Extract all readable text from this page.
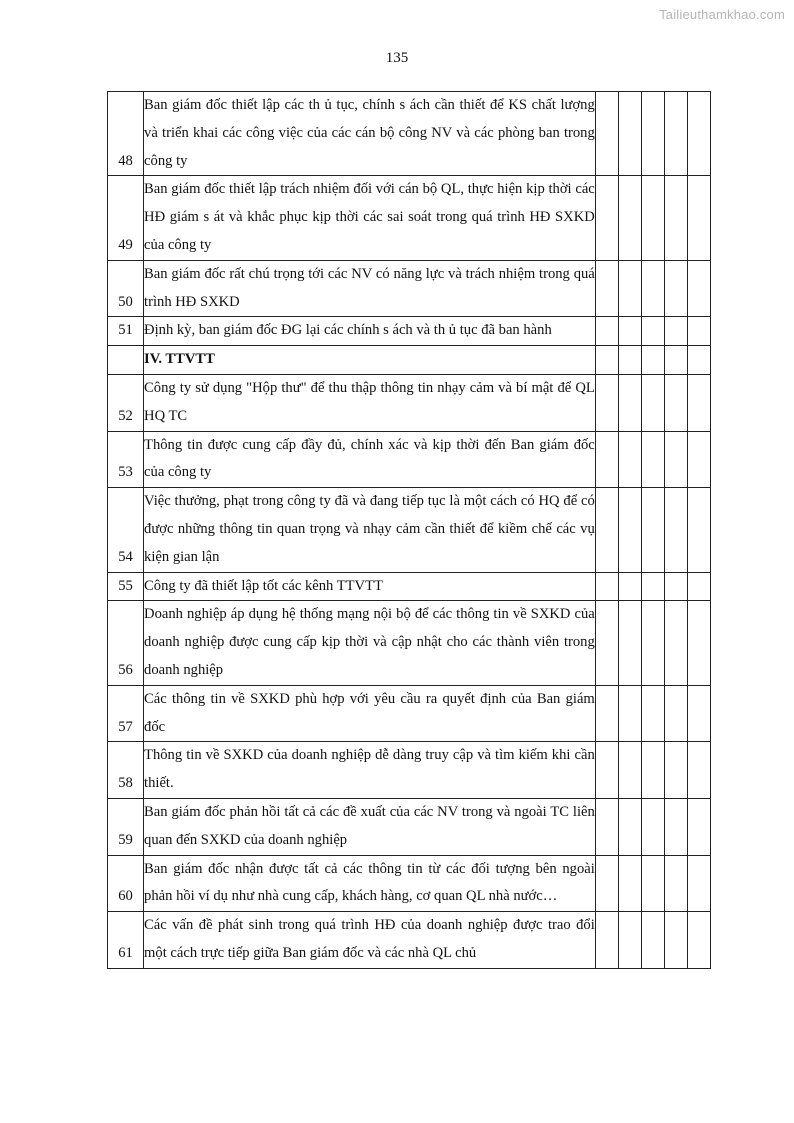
Tailieuthamkhao.com
135
48	Ban giám đốc thiết lập các th ủ tục, chính s ách cần thiết để KS chất lượng và triển khai các công việc của các cán bộ công NV và các phòng ban trong công ty					
49	Ban giám đốc thiết lập trách nhiệm đối với cán bộ QL, thực hiện kịp thời các HĐ giám s át và khắc phục kịp thời các sai soát trong quá trình HĐ SXKD của công ty					
50	Ban giám đốc rất chú trọng tới các NV có năng lực và trách nhiệm trong quá trình HĐ SXKD					
51	Định kỳ, ban giám đốc ĐG lại các chính s ách và th ủ tục đã ban hành					
	IV. TTVTT					
52	Công ty sử dụng "Hộp thư" để thu thập thông tin nhạy cảm và bí mật để QL HQ TC					
53	Thông tin được cung cấp đầy đủ, chính xác và kịp thời đến Ban giám đốc của công ty					
54	Việc thưởng, phạt trong công ty đã và đang tiếp tục là một cách có HQ để có được những thông tin quan trọng và nhạy cảm cần thiết để kiềm chế các vụ kiện gian lận					
55	Công ty đã thiết lập tốt các kênh TTVTT					
56	Doanh nghiệp áp dụng hệ thống mạng nội bộ để các thông tin về SXKD của doanh nghiệp được cung cấp kịp thời và cập nhật cho các thành viên trong doanh nghiệp					
57	Các thông tin về SXKD phù hợp với yêu cầu ra quyết định của Ban giám đốc					
58	Thông tin về SXKD của doanh nghiệp dễ dàng truy cập và tìm kiếm khi cần thiết.					
59	Ban giám đốc phản hồi tất cả các đề xuất của các NV trong và ngoài TC liên quan đến SXKD của doanh nghiệp					
60	Ban giám đốc nhận được tất cả các thông tin từ các đối tượng bên ngoài phản hồi ví dụ như nhà cung cấp, khách hàng, cơ quan QL nhà nước…					
61	Các vấn đề phát sinh trong quá trình HĐ của doanh nghiệp được trao đổi một cách trực tiếp giữa Ban giám đốc và các nhà QL chủ					
